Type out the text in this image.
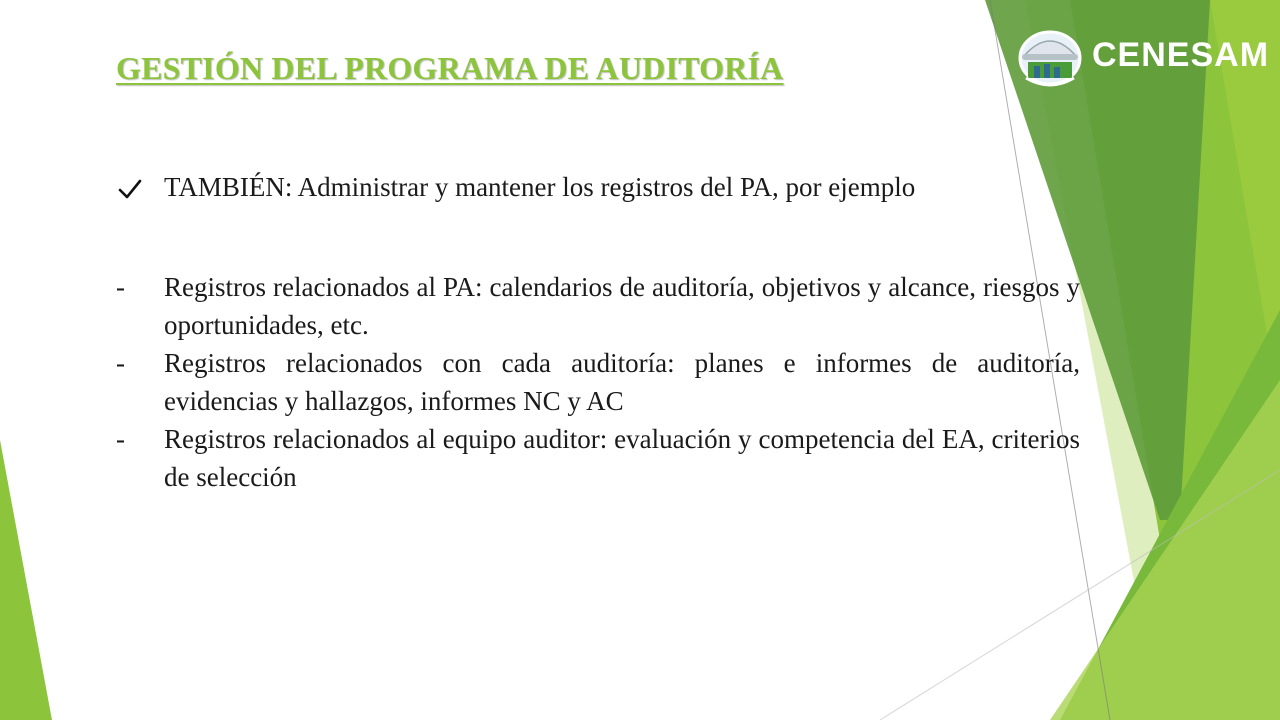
CENESAM
GESTIÓN DEL PROGRAMA DE AUDITORÍA

TAMBIÉN: Administrar y mantener los registros del PA, por ejemplo

-	Registros relacionados al PA: calendarios de auditoría, objetivos y alcance, riesgos y oportunidades, etc.

-	Registros relacionados con cada auditoría: planes e informes de auditoría, evidencias y hallazgos, informes NC y AC

-	Registros relacionados al equipo auditor: evaluación y competencia del EA, criterios de selección
